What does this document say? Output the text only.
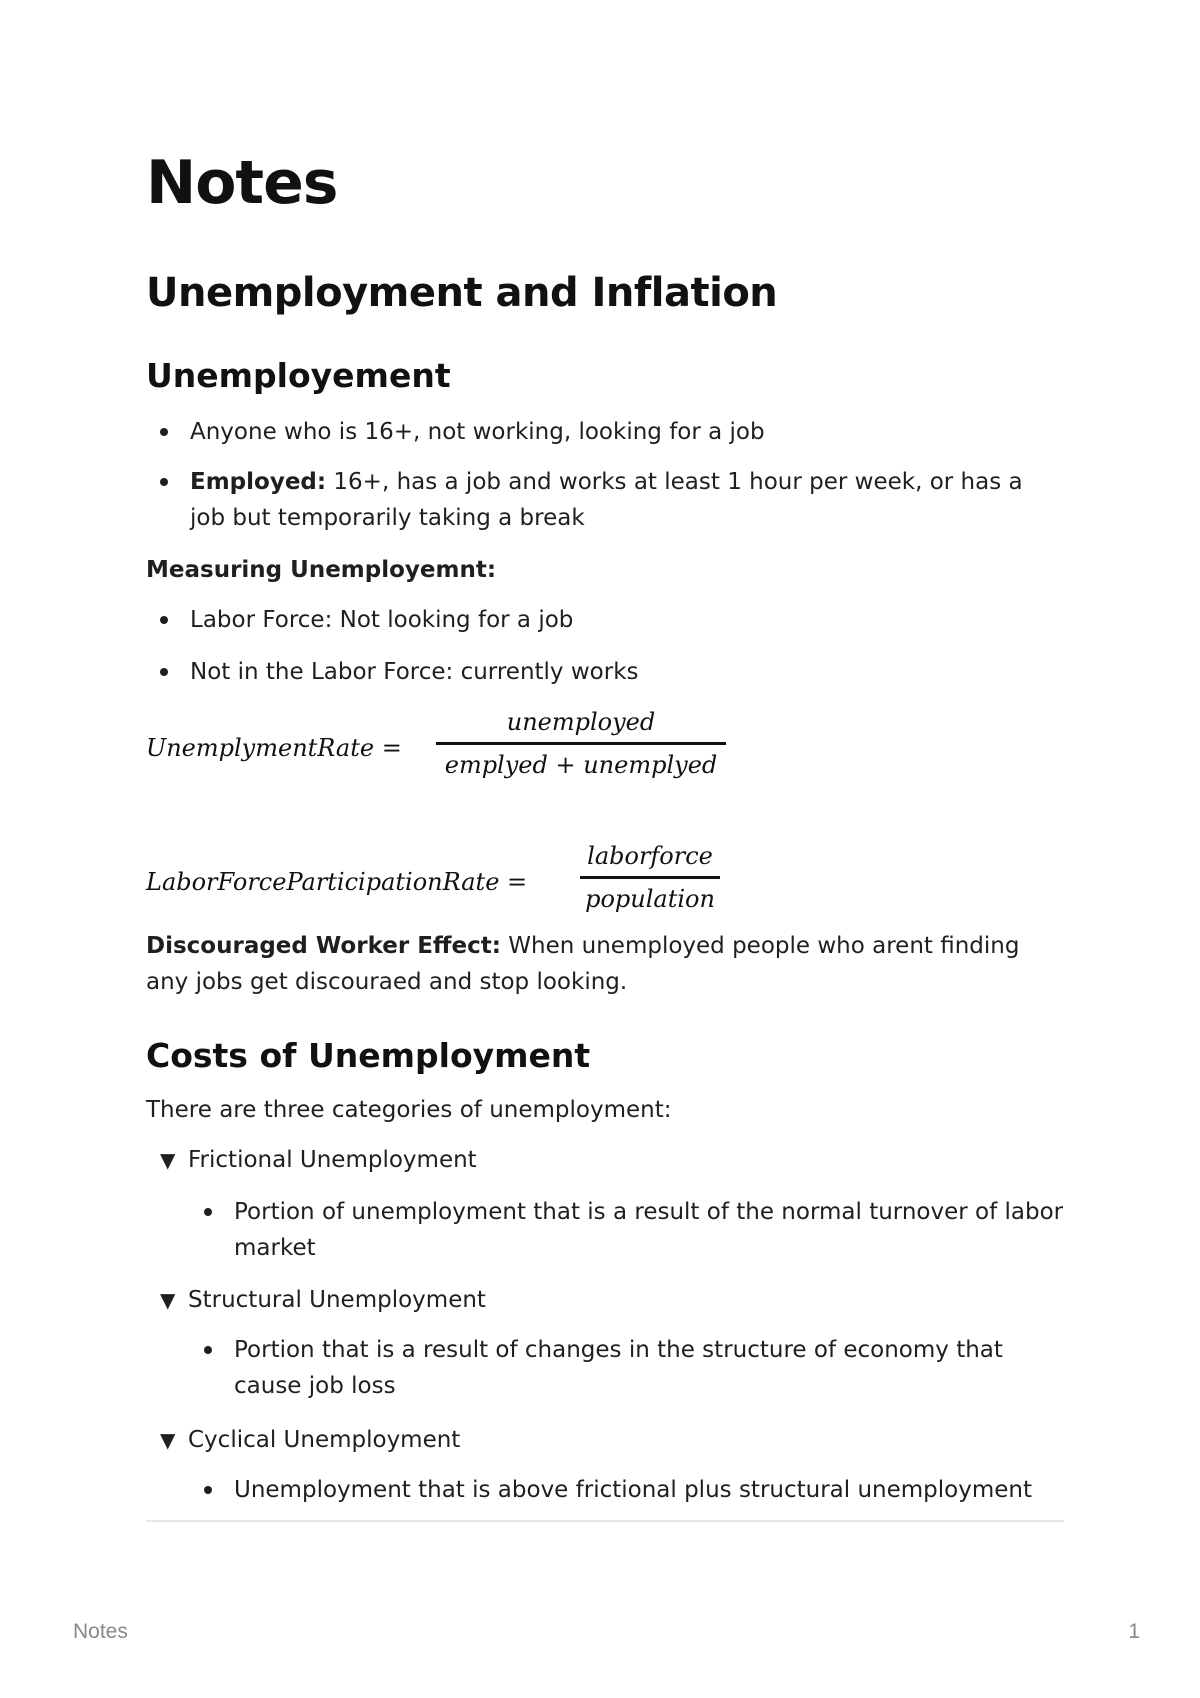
Notes
Unemployment and Inflation
Unemployement
Anyone who is 16+, not working, looking for a job
Employed: 16+, has a job and works at least 1 hour per week, or has a job but temporarily taking a break
Measuring Unemployemnt:
Labor Force: Not looking for a job
Not in the Labor Force: currently works
UnemplymentRate =
unemployed
emplyed + unemplyed
LaborForceParticipationRate =
laborforce
population
Discouraged Worker Effect: When unemployed people who arent finding any jobs get discouraed and stop looking.
Costs of Unemployment
There are three categories of unemployment:
▼ Frictional Unemployment
Portion of unemployment that is a result of the normal turnover of labor market
▼ Structural Unemployment
Portion that is a result of changes in the structure of economy that cause job loss
▼ Cyclical Unemployment
Unemployment that is above frictional plus structural unemployment
Notes	1
